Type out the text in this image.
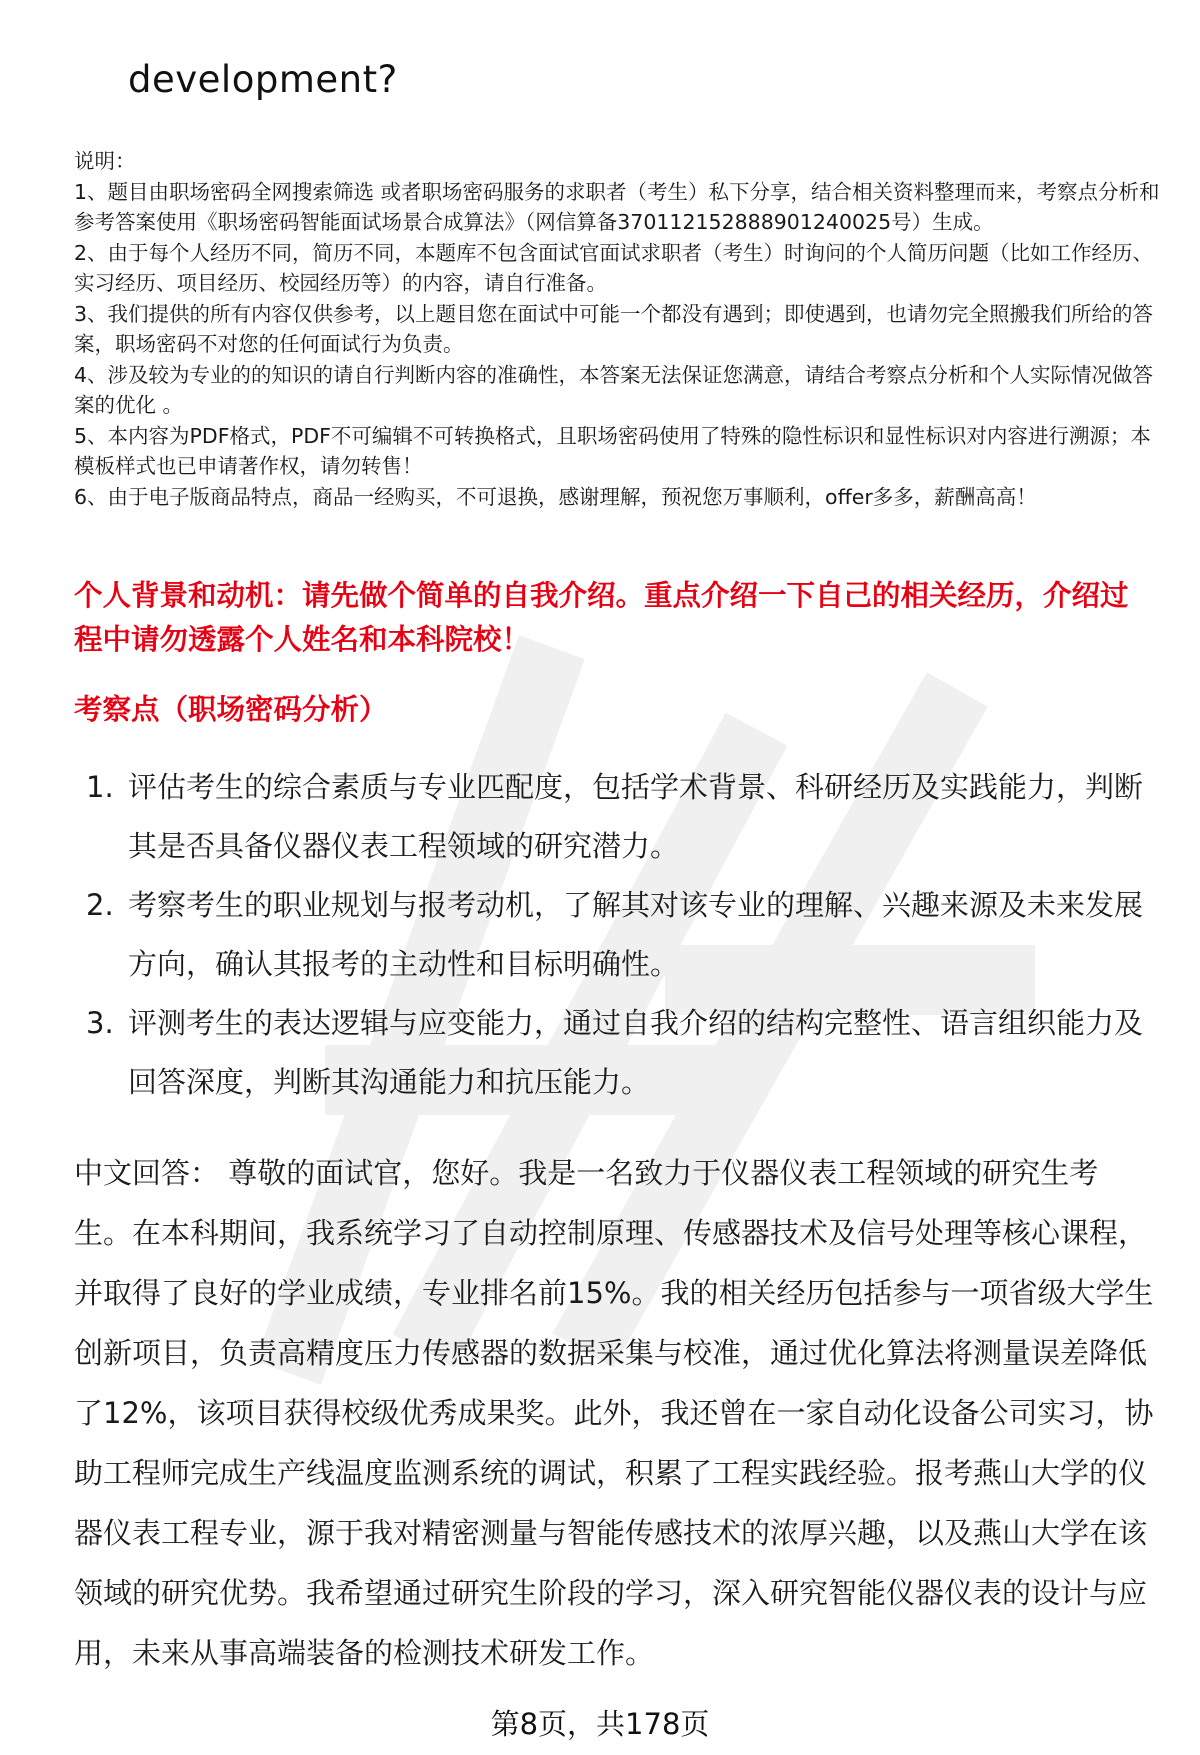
development?

说明：

1、题目由职场密码全网搜索筛选 或者职场密码服务的求职者（考生）私下分享，结合相关资料整理而来，考察点分析和参考答案使用《职场密码智能面试场景合成算法》（网信算备370112152888901240025号）生成。

2、由于每个人经历不同，简历不同，本题库不包含面试官面试求职者（考生）时询问的个人简历问题（比如工作经历、实习经历、项目经历、校园经历等）的内容，请自行准备。

3、我们提供的所有内容仅供参考，以上题目您在面试中可能一个都没有遇到；即使遇到，也请勿完全照搬我们所给的答案，职场密码不对您的任何面试行为负责。

4、涉及较为专业的的知识的请自行判断内容的准确性，本答案无法保证您满意，请结合考察点分析和个人实际情况做答案的优化 。

5、本内容为PDF格式，PDF不可编辑不可转换格式，且职场密码使用了特殊的隐性标识和显性标识对内容进行溯源；本模板样式也已申请著作权，请勿转售！

6、由于电子版商品特点，商品一经购买，不可退换，感谢理解，预祝您万事顺利，offer多多，薪酬高高！

个人背景和动机：请先做个简单的自我介绍。重点介绍一下自己的相关经历，介绍过程中请勿透露个人姓名和本科院校！
考察点（职场密码分析）
1. 评估考生的综合素质与专业匹配度，包括学术背景、科研经历及实践能力，判断其是否具备仪器仪表工程领域的研究潜力。
2. 考察考生的职业规划与报考动机，了解其对该专业的理解、兴趣来源及未来发展方向，确认其报考的主动性和目标明确性。
3. 评测考生的表达逻辑与应变能力，通过自我介绍的结构完整性、语言组织能力及回答深度，判断其沟通能力和抗压能力。

中文回答： 尊敬的面试官，您好。我是一名致力于仪器仪表工程领域的研究生考生。在本科期间，我系统学习了自动控制原理、传感器技术及信号处理等核心课程，并取得了良好的学业成绩，专业排名前15%。我的相关经历包括参与一项省级大学生创新项目，负责高精度压力传感器的数据采集与校准，通过优化算法将测量误差降低了12%，该项目获得校级优秀成果奖。此外，我还曾在一家自动化设备公司实习，协助工程师完成生产线温度监测系统的调试，积累了工程实践经验。报考燕山大学的仪器仪表工程专业，源于我对精密测量与智能传感技术的浓厚兴趣，以及燕山大学在该领域的研究优势。我希望通过研究生阶段的学习，深入研究智能仪器仪表的设计与应用，未来从事高端装备的检测技术研发工作。

第8页，共178页
